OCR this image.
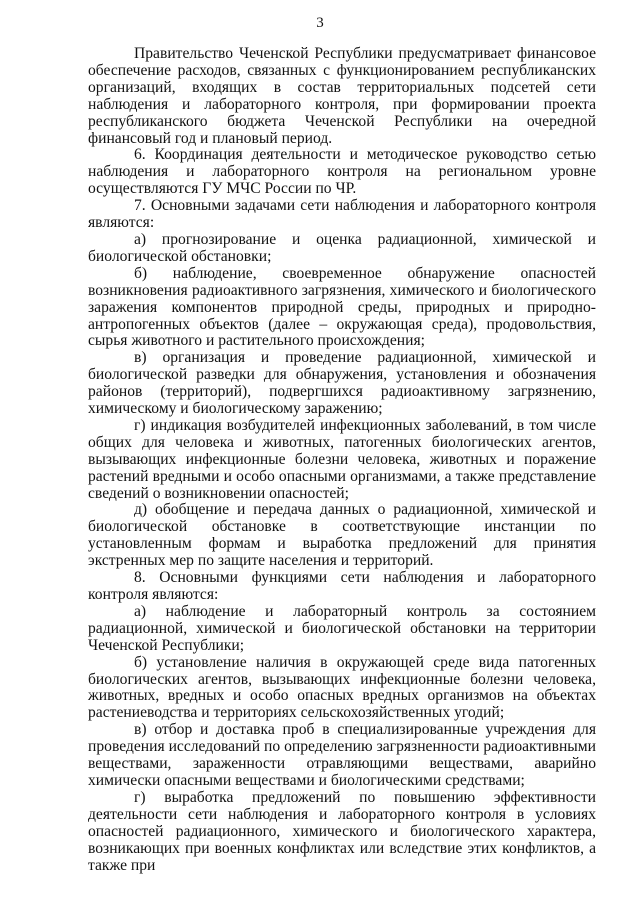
3

Правительство Чеченской Республики предусматривает финансовое обеспечение расходов, связанных с функционированием республиканских организаций, входящих в состав территориальных подсетей сети наблюдения и лабораторного контроля, при формировании проекта республиканского бюджета Чеченской Республики на очередной финансовый год и плановый период.

6. Координация деятельности и методическое руководство сетью наблюдения и лабораторного контроля на региональном уровне осуществляются ГУ МЧС России по ЧР.

7. Основными задачами сети наблюдения и лабораторного контроля являются:

а) прогнозирование и оценка радиационной, химической и биологической обстановки;

б) наблюдение, своевременное обнаружение опасностей возникновения радиоактивного загрязнения, химического и биологического заражения компонентов природной среды, природных и природно-антропогенных объектов (далее – окружающая среда), продовольствия, сырья животного и растительного происхождения;

в) организация и проведение радиационной, химической и биологической разведки для обнаружения, установления и обозначения районов (территорий), подвергшихся радиоактивному загрязнению, химическому и биологическому заражению;

г) индикация возбудителей инфекционных заболеваний, в том числе общих для человека и животных, патогенных биологических агентов, вызывающих инфекционные болезни человека, животных и поражение растений вредными и особо опасными организмами, а также представление сведений о возникновении опасностей;

д) обобщение и передача данных о радиационной, химической и биологической обстановке в соответствующие инстанции по установленным формам и выработка предложений для принятия экстренных мер по защите населения и территорий.

8. Основными функциями сети наблюдения и лабораторного контроля являются:

а) наблюдение и лабораторный контроль за состоянием радиационной, химической и биологической обстановки на территории Чеченской Республики;

б) установление наличия в окружающей среде вида патогенных биологических агентов, вызывающих инфекционные болезни человека, животных, вредных и особо опасных вредных организмов на объектах растениеводства и территориях сельскохозяйственных угодий;

в) отбор и доставка проб в специализированные учреждения для проведения исследований по определению загрязненности радиоактивными веществами, зараженности отравляющими веществами, аварийно химически опасными веществами и биологическими средствами;

г) выработка предложений по повышению эффективности деятельности сети наблюдения и лабораторного контроля в условиях опасностей радиационного, химического и биологического характера, возникающих при военных конфликтах или вследствие этих конфликтов, а также при
